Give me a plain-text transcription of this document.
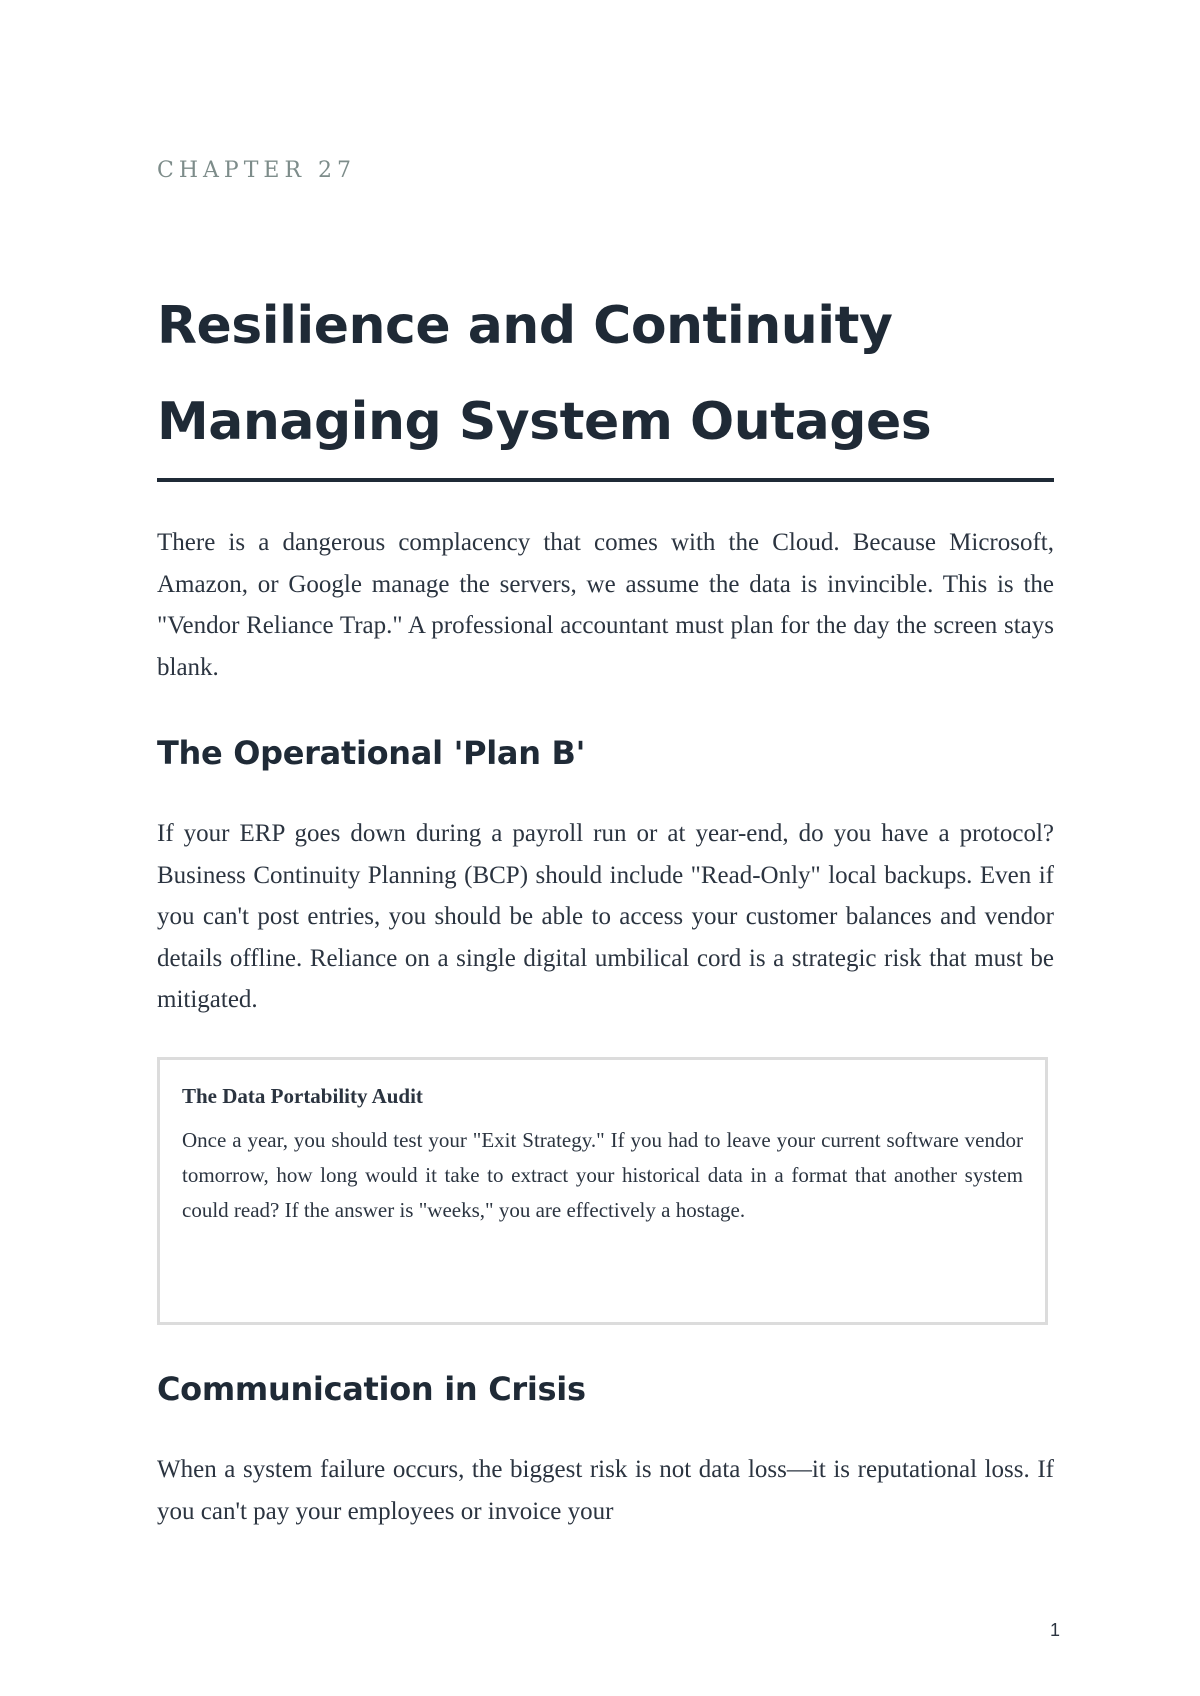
CHAPTER 27

Resilience and Continuity

Managing System Outages

There is a dangerous complacency that comes with the Cloud. Because Microsoft, Amazon, or Google manage the servers, we assume the data is invincible. This is the "Vendor Reliance Trap." A professional accountant must plan for the day the screen stays blank.

The Operational 'Plan B'

If your ERP goes down during a payroll run or at year-end, do you have a protocol? Business Continuity Planning (BCP) should include "Read-Only" local backups. Even if you can't post entries, you should be able to access your customer balances and vendor details offline. Reliance on a single digital umbilical cord is a strategic risk that must be mitigated.

The Data Portability Audit

Once a year, you should test your "Exit Strategy." If you had to leave your current software vendor tomorrow, how long would it take to extract your historical data in a format that another system could read? If the answer is "weeks," you are effectively a hostage.

Communication in Crisis

When a system failure occurs, the biggest risk is not data loss—it is reputational loss. If you can't pay your employees or invoice your

1
